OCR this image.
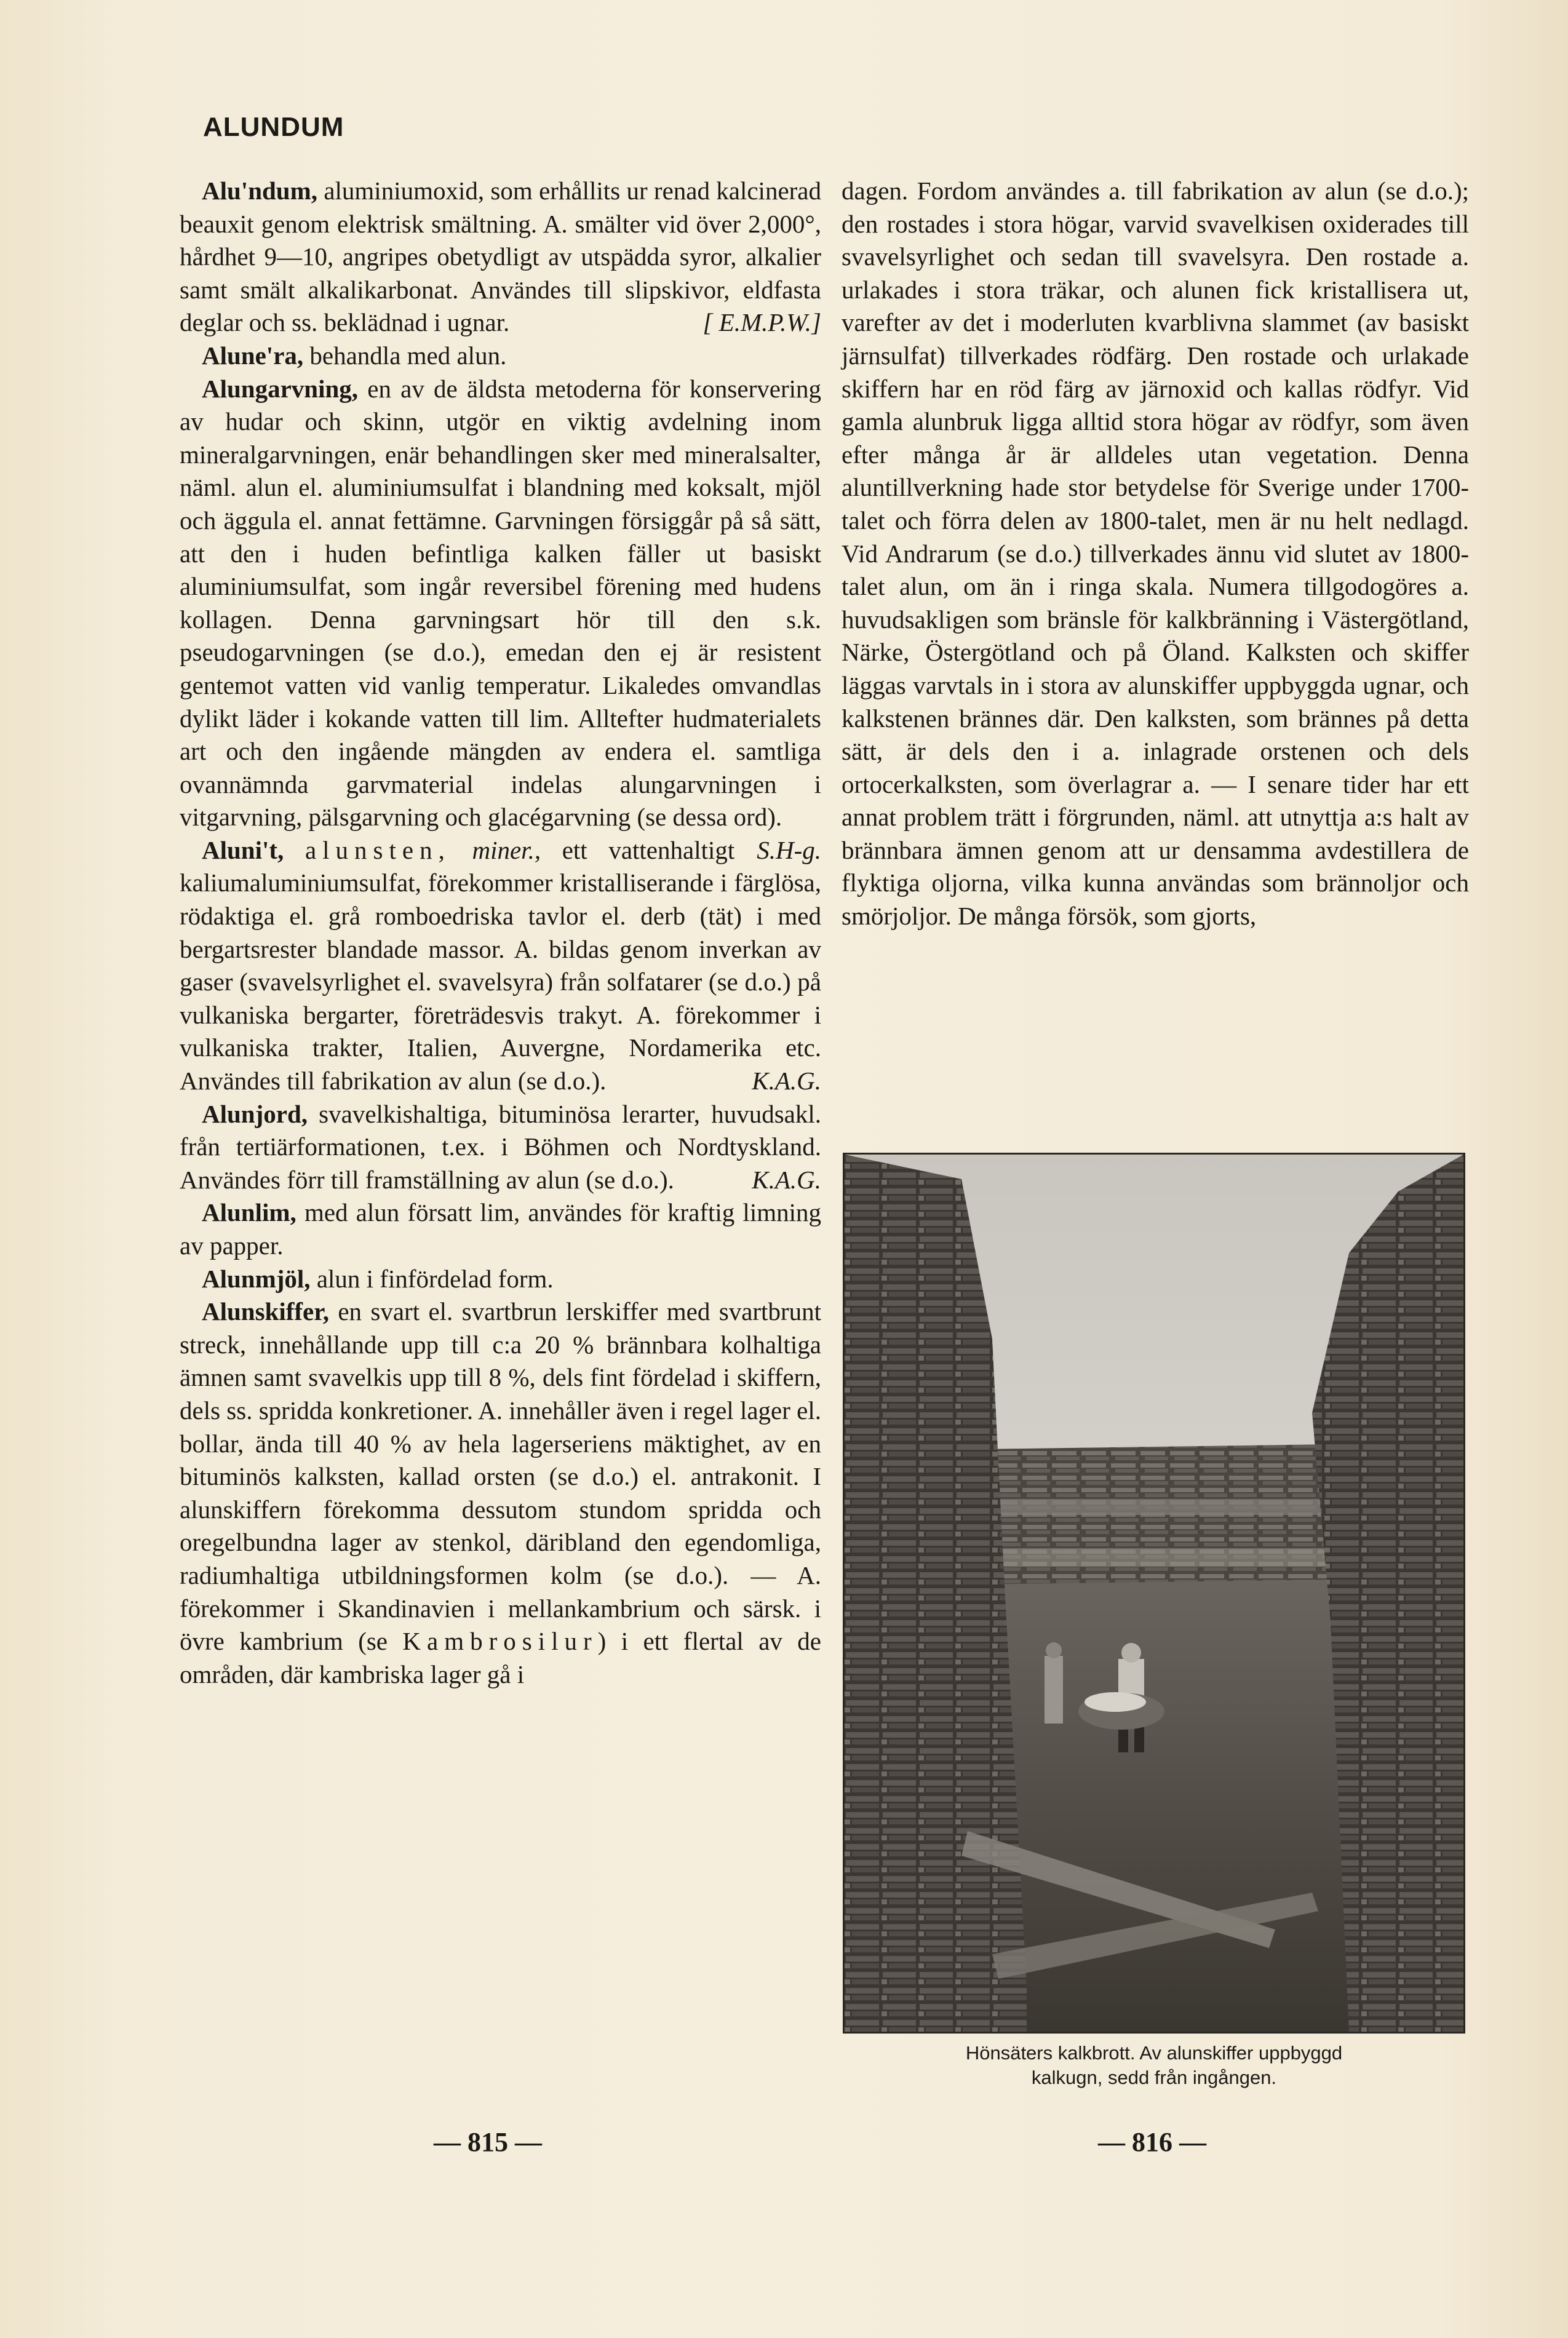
ALUNDUM

Alu'ndum, aluminiumoxid, som erhållits ur renad kalcinerad beauxit genom elektrisk smältning. A. smälter vid över 2,000°, hårdhet 9—10, angripes obetydligt av utspädda syror, alkalier samt smält alkalikarbonat. Användes till slipskivor, eldfasta deglar och ss. beklädnad i ugnar.	[ E.M.P.W.]

Alune'ra, behandla med alun.

Alungarvning, en av de äldsta metoderna för konservering av hudar och skinn, utgör en viktig avdelning inom mineralgarvningen, enär behandlingen sker med mineralsalter, näml. alun el. aluminiumsulfat i blandning med koksalt, mjöl och äggula el. annat fettämne. Garvningen försiggår på så sätt, att den i huden befintliga kalken fäller ut basiskt aluminiumsulfat, som ingår reversibel förening med hudens kollagen. Denna garvningsart hör till den s.k. pseudogarvningen (se d.o.), emedan den ej är resistent gentemot vatten vid vanlig temperatur. Likaledes omvandlas dylikt läder i kokande vatten till lim. Alltefter hudmaterialets art och den ingående mängden av endera el. samtliga ovannämnda garvmaterial indelas alungarvningen i vitgarvning, pälsgarvning och glacégarvning (se dessa ord).
S.H-g.

Aluni't, alunsten, miner., ett vattenhaltigt kaliumaluminiumsulfat, förekommer kristalliserande i färglösa, rödaktiga el. grå romboedriska tavlor el. derb (tät) i med bergartsrester blandade massor. A. bildas genom inverkan av gaser (svavelsyrlighet el. svavelsyra) från solfatarer (se d.o.) på vulkaniska bergarter, företrädesvis trakyt. A. förekommer i vulkaniska trakter, Italien, Auvergne, Nordamerika etc. Användes till fabrikation av alun (se d.o.).	K.A.G.

Alunjord, svavelkishaltiga, bituminösa lerarter, huvudsakl. från tertiärformationen, t.ex. i Böhmen och Nordtyskland. Användes förr till framställning av alun (se d.o.).	K.A.G.

Alunlim, med alun försatt lim, användes för kraftig limning av papper.

Alunmjöl, alun i finfördelad form.

Alunskiffer, en svart el. svartbrun lerskiffer med svartbrunt streck, innehållande upp till c:a 20 % brännbara kolhaltiga ämnen samt svavelkis upp till 8 %, dels fint fördelad i skiffern, dels ss. spridda konkretioner. A. innehåller även i regel lager el. bollar, ända till 40 % av hela lagerseriens mäktighet, av en bituminös kalksten, kallad orsten (se d.o.) el. antrakonit. I alunskiffern förekomma dessutom stundom spridda och oregelbundna lager av stenkol, däribland den egendomliga, radiumhaltiga utbildningsformen kolm (se d.o.). — A. förekommer i Skandinavien i mellankambrium och särsk. i övre kambrium (se Kambrosilur) i ett flertal av de områden, där kambriska lager gå i

dagen. Fordom användes a. till fabrikation av alun (se d.o.); den rostades i stora högar, varvid svavelkisen oxiderades till svavelsyrlighet och sedan till svavelsyra. Den rostade a. urlakades i stora träkar, och alunen fick kristallisera ut, varefter av det i moderluten kvarblivna slammet (av basiskt järnsulfat) tillverkades rödfärg. Den rostade och urlakade skiffern har en röd färg av järnoxid och kallas rödfyr. Vid gamla alunbruk ligga alltid stora högar av rödfyr, som även efter många år är alldeles utan vegetation. Denna aluntillverkning hade stor betydelse för Sverige under 1700-talet och förra delen av 1800-talet, men är nu helt nedlagd. Vid Andrarum (se d.o.) tillverkades ännu vid slutet av 1800-talet alun, om än i ringa skala. Numera tillgodogöres a. huvudsakligen som bränsle för kalkbränning i Västergötland, Närke, Östergötland och på Öland. Kalksten och skiffer läggas varvtals in i stora av alunskiffer uppbyggda ugnar, och kalkstenen brännes där. Den kalksten, som brännes på detta sätt, är dels den i a. inlagrade orstenen och dels ortocerkalksten, som överlagrar a. — I senare tider har ett annat problem trätt i förgrunden, näml. att utnyttja a:s halt av brännbara ämnen genom att ur densamma avdestillera de flyktiga oljorna, vilka kunna användas som brännoljor och smörjoljor. De många försök, som gjorts,

Hönsäters kalkbrott. Av alunskiffer uppbyggd
kalkugn, sedd från ingången.
— 815 —	— 816 —
